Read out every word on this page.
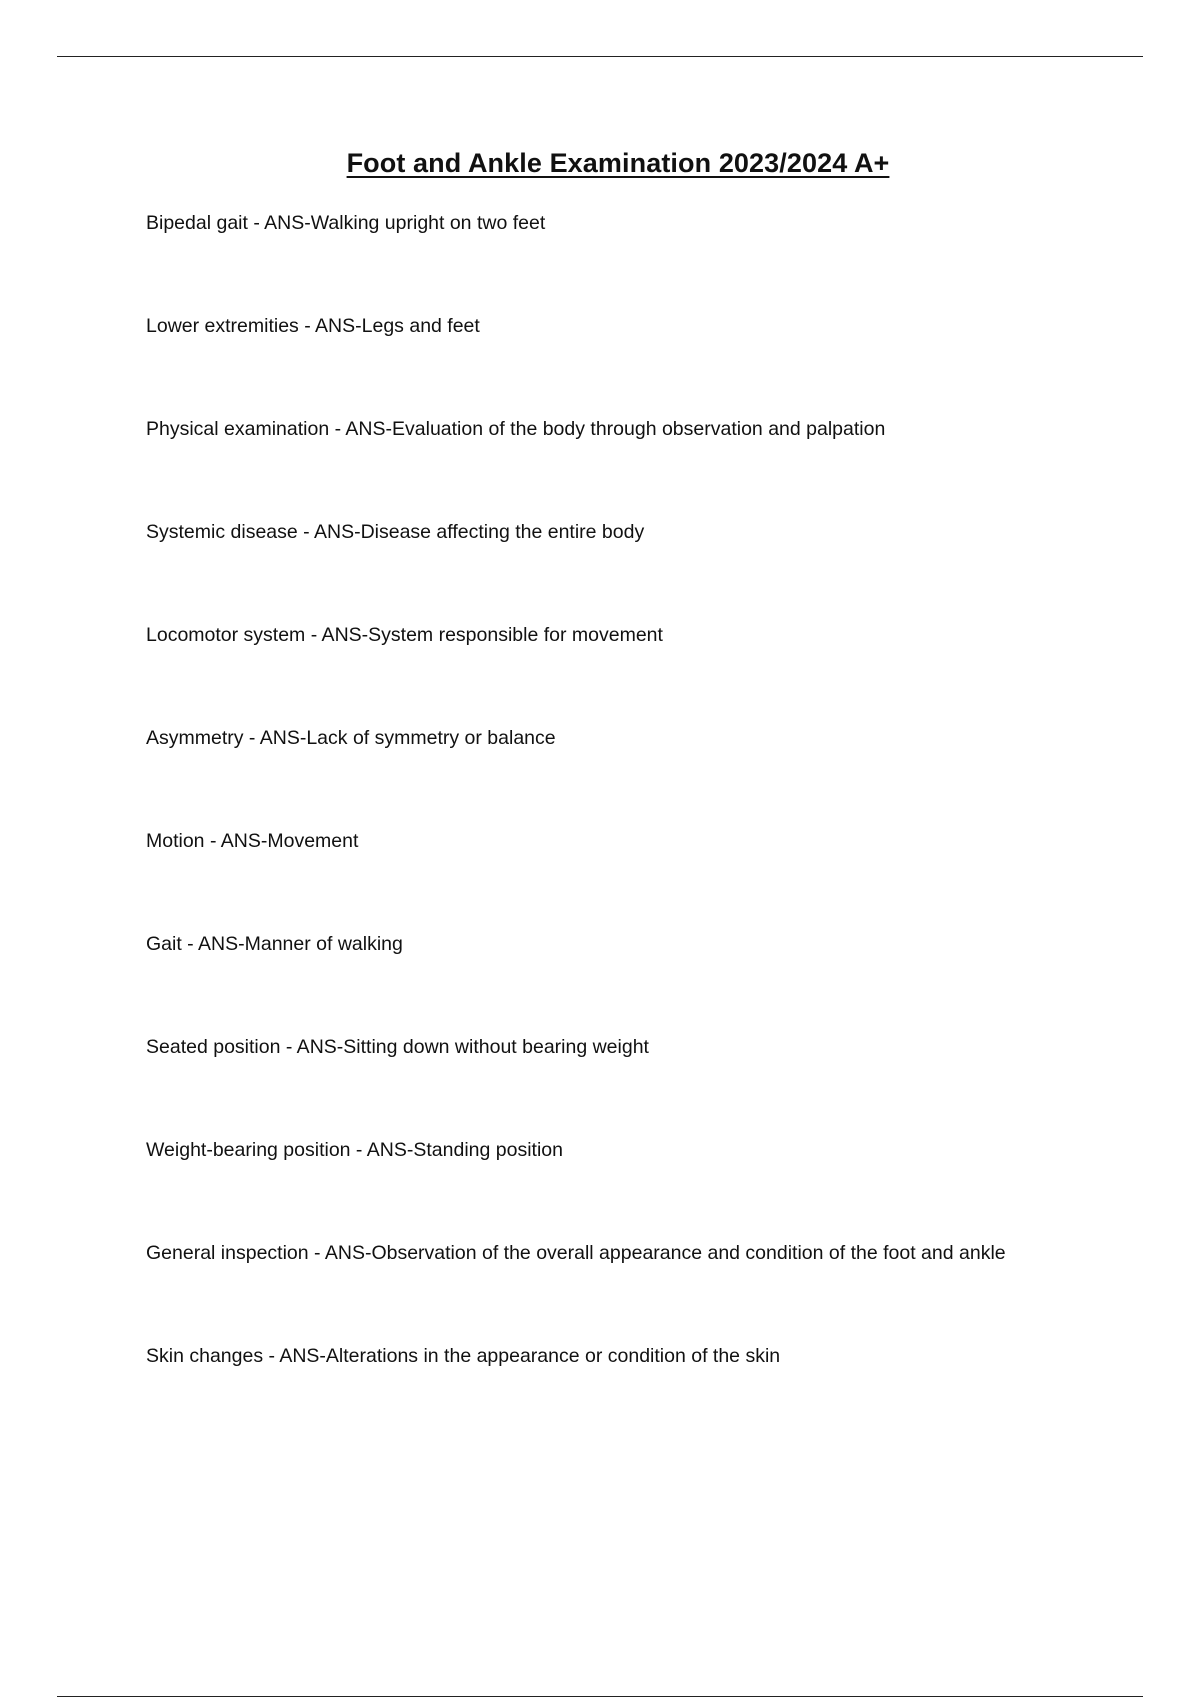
Foot and Ankle Examination 2023/2024 A+
Bipedal gait - ANS-Walking upright on two feet
Lower extremities - ANS-Legs and feet
Physical examination - ANS-Evaluation of the body through observation and palpation
Systemic disease - ANS-Disease affecting the entire body
Locomotor system - ANS-System responsible for movement
Asymmetry - ANS-Lack of symmetry or balance
Motion - ANS-Movement
Gait - ANS-Manner of walking
Seated position - ANS-Sitting down without bearing weight
Weight-bearing position - ANS-Standing position
General inspection - ANS-Observation of the overall appearance and condition of the foot and ankle
Skin changes - ANS-Alterations in the appearance or condition of the skin
